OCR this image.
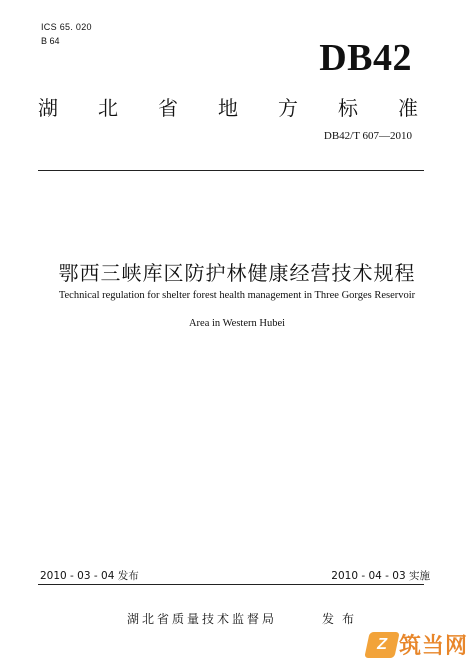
ICS 65. 020
B 64	DB42
湖 北 省 地 方 标 准
DB42/T 607—2010
鄂西三峡库区防护林健康经营技术规程
Technical regulation for shelter forest health management in Three Gorges Reservoir
Area in Western Hubei
2010 - 03 - 04 发布	2010 - 04 - 03 实施
湖北省质量技术监督局	发布
Z 筑当网
